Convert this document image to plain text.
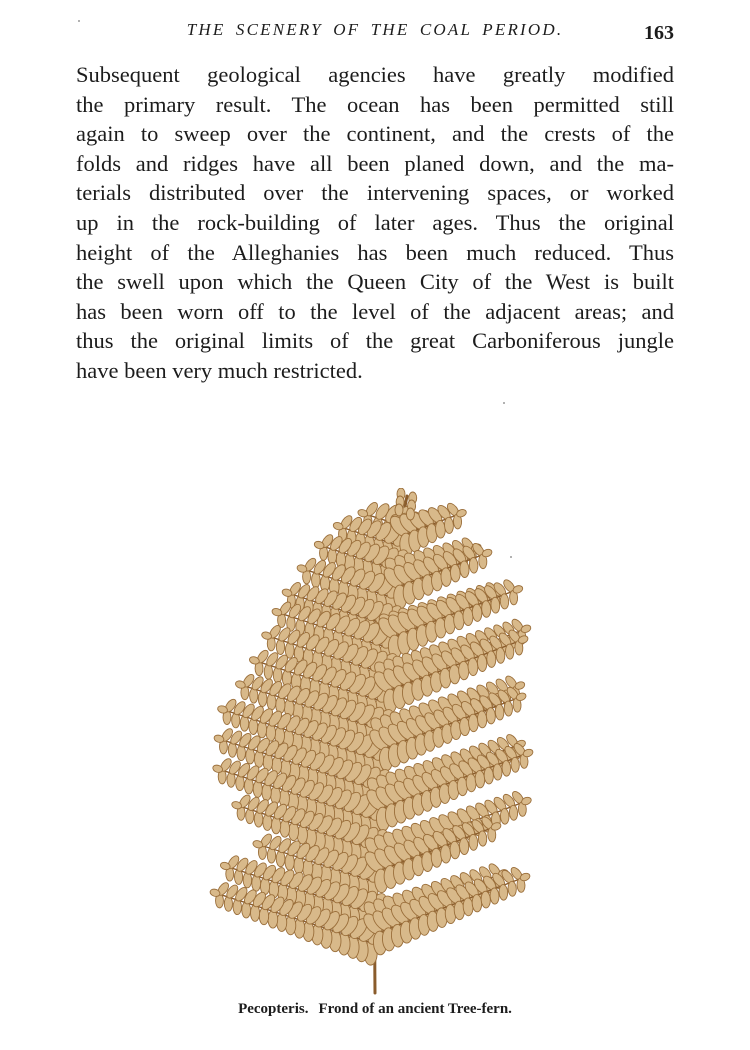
THE SCENERY OF THE COAL PERIOD.	163
Subsequent geological agencies have greatly modified
the primary result. The ocean has been permitted still
again to sweep over the continent, and the crests of the
folds and ridges have all been planed down, and the ma-
terials distributed over the intervening spaces, or worked
up in the rock-building of later ages. Thus the original
height of the Alleghanies has been much reduced. Thus
the swell upon which the Queen City of the West is built
has been worn off to the level of the adjacent areas; and
thus the original limits of the great Carboniferous jungle
have been very much restricted.
Pecopteris. Frond of an ancient Tree-fern.
